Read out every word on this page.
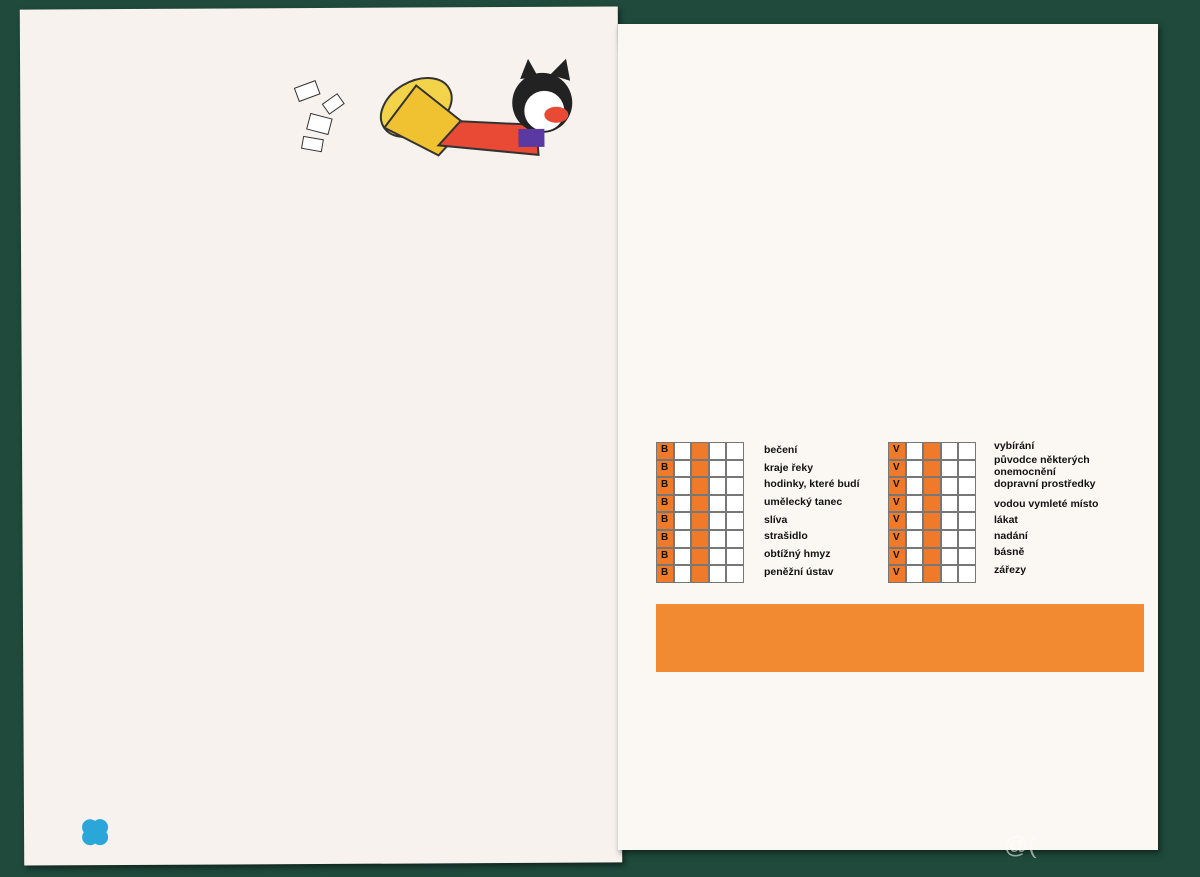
B
B
B
B
B
B
B
B
bečení
kraje řeky
hodinky, které budí
umělecký tanec
slíva
strašidlo
obtížný hmyz
peněžní ústav
V
V
V
V
V
V
V
V
vybírání
původce některých onemocnění
dopravní prostředky
vodou vymleté místo
lákat
nadání
básně
zářezy
@(
